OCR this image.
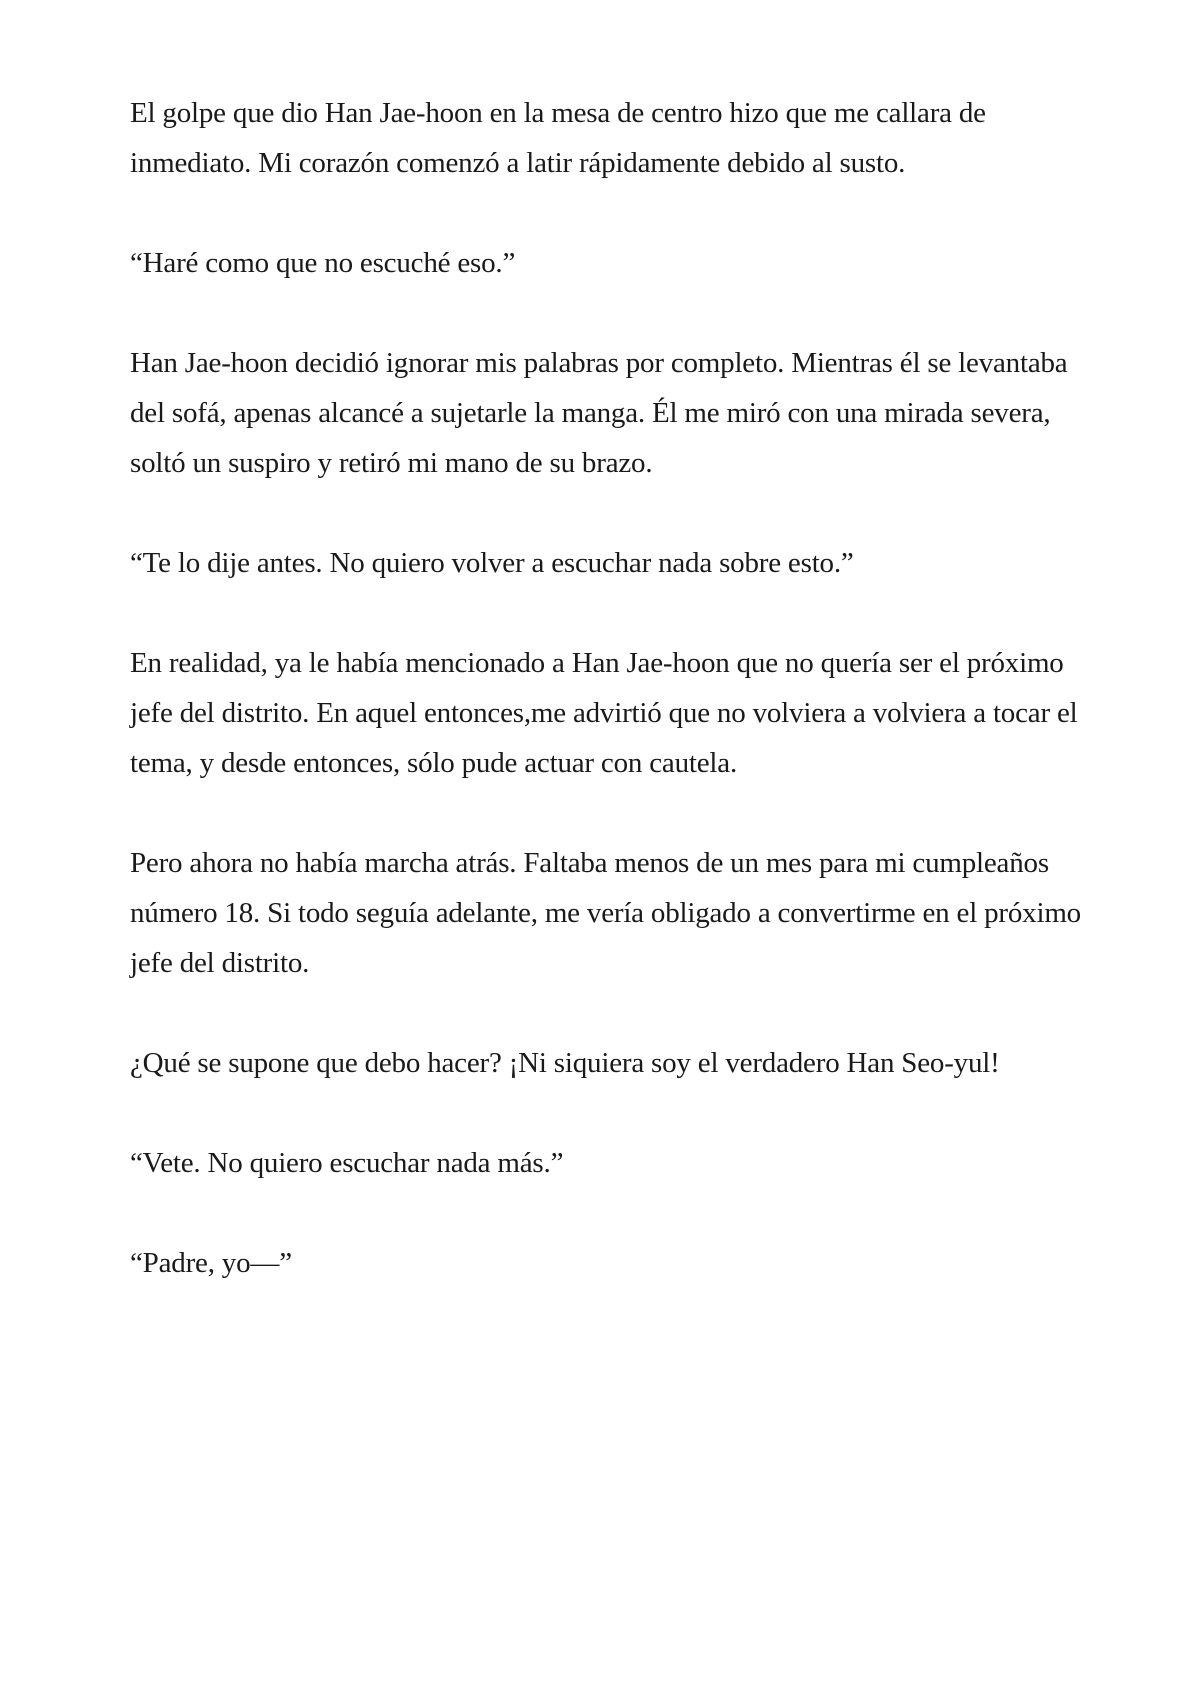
El golpe que dio Han Jae-hoon en la mesa de centro hizo que me callara de inmediato. Mi corazón comenzó a latir rápidamente debido al susto.

“Haré como que no escuché eso.”

Han Jae-hoon decidió ignorar mis palabras por completo. Mientras él se levantaba del sofá, apenas alcancé a sujetarle la manga. Él me miró con una mirada severa, soltó un suspiro y retiró mi mano de su brazo.

“Te lo dije antes. No quiero volver a escuchar nada sobre esto.”

En realidad, ya le había mencionado a Han Jae-hoon que no quería ser el próximo jefe del distrito. En aquel entonces,me advirtió que no volviera a volviera a tocar el tema, y desde entonces, sólo pude actuar con cautela.

Pero ahora no había marcha atrás. Faltaba menos de un mes para mi cumpleaños número 18. Si todo seguía adelante, me vería obligado a convertirme en el próximo jefe del distrito.

¿Qué se supone que debo hacer? ¡Ni siquiera soy el verdadero Han Seo-yul!

“Vete. No quiero escuchar nada más.”

“Padre, yo—”
